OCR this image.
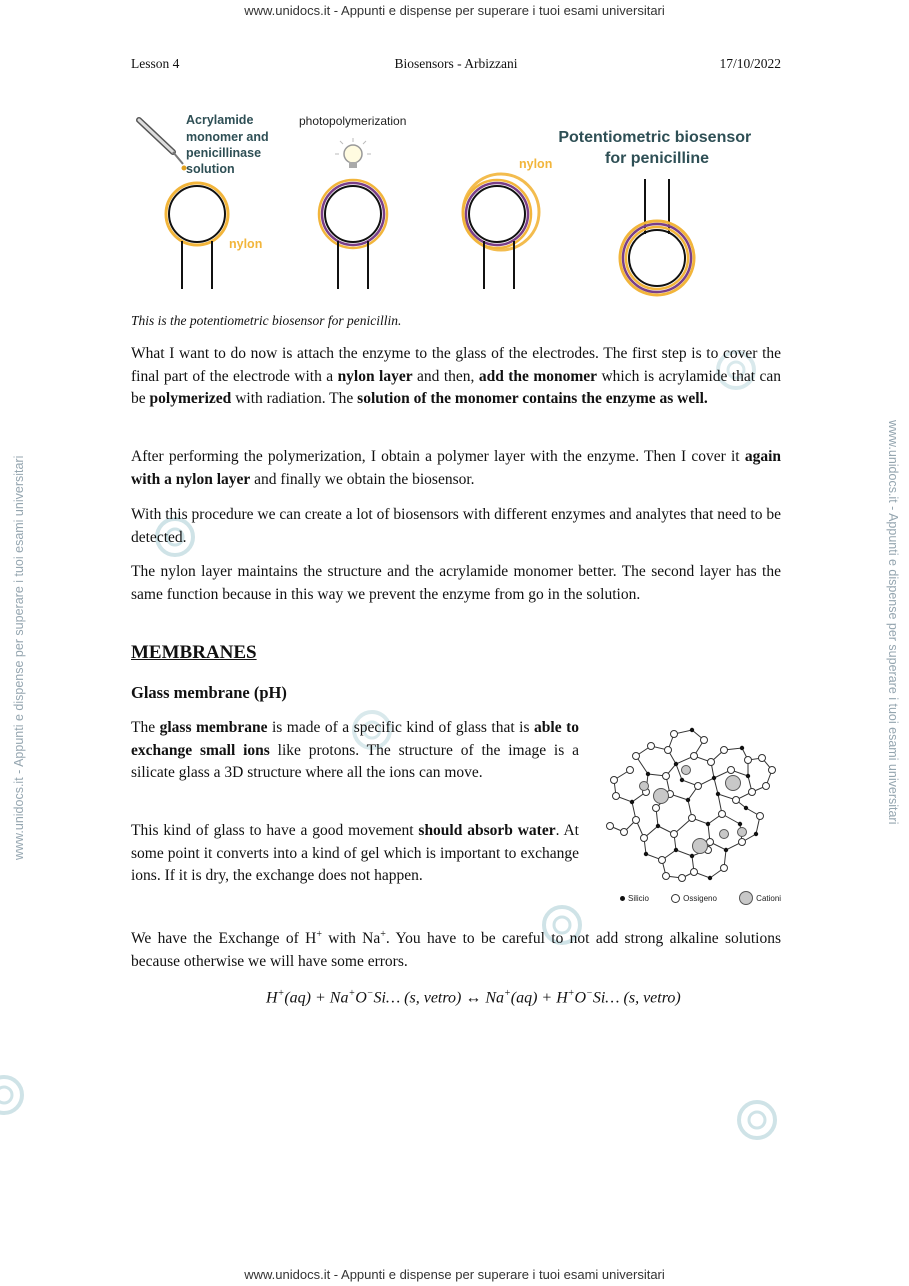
www.unidocs.it - Appunti e dispense per superare i tuoi esami universitari
www.unidocs.it - Appunti e dispense per superare i tuoi esami universitari
www.unidocs.it - Appunti e dispense per superare i tuoi esami universitari	www.unidocs.it - Appunti e dispense per superare i tuoi esami universitari
Lesson 4	Biosensors - Arbizzani	17/10/2022
Acrylamide monomer and penicillinase solution
nylon
photopolymerization
nylon
Potentiometric biosensor for penicilline
This is the potentiometric biosensor for penicillin.

What I want to do now is attach the enzyme to the glass of the electrodes. The first step is to cover the final part of the electrode with a nylon layer and then, add the monomer which is acrylamide that can be polymerized with radiation. The solution of the monomer contains the enzyme as well.

After performing the polymerization, I obtain a polymer layer with the enzyme. Then I cover it again with a nylon layer and finally we obtain the biosensor.

With this procedure we can create a lot of biosensors with different enzymes and analytes that need to be detected.

The nylon layer maintains the structure and the acrylamide monomer better. The second layer has the same function because in this way we prevent the enzyme from go in the solution.

MEMBRANES
Glass membrane (pH)

The glass membrane is made of a specific kind of glass that is able to exchange small ions like protons. The structure of the image is a silicate glass a 3D structure where all the ions can move.

This kind of glass to have a good movement should absorb water. At some point it converts into a kind of gel which is important to exchange ions. If it is dry, the exchange does not happen.

Silicio	Ossigeno	Cationi

We have the Exchange of H+ with Na+. You have to be careful to not add strong alkaline solutions because otherwise we will have some errors.

H+(aq) + Na+O−Si… (s, vetro) ↔ Na+(aq) + H+O−Si… (s, vetro)
